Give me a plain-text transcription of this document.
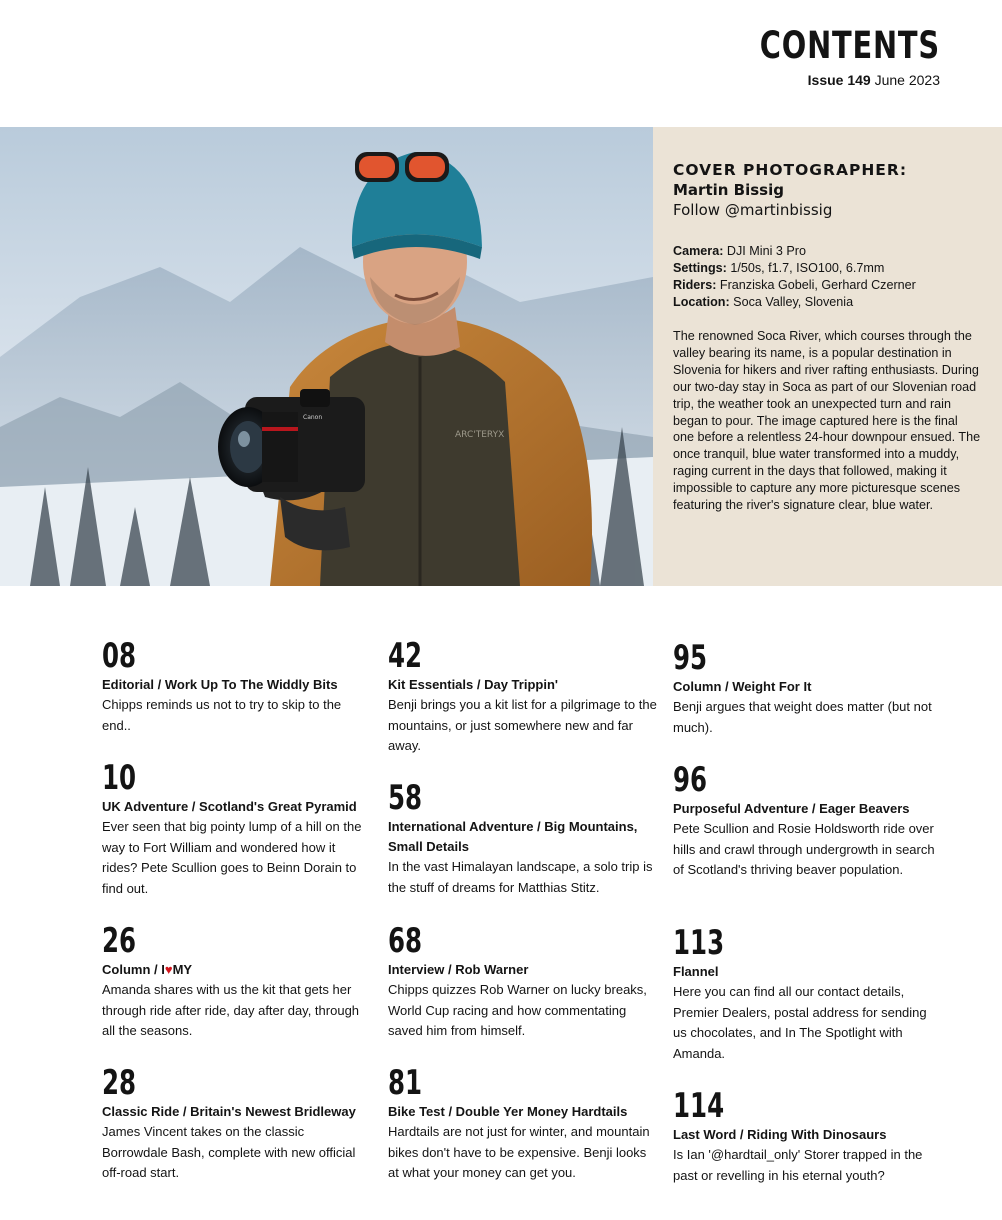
CONTENTS
Issue 149 June 2023
ARC'TERYX
Canon
COVER PHOTOGRAPHER:
Martin Bissig
Follow @martinbissig
Camera: DJI Mini 3 Pro
Settings: 1/50s, f1.7, ISO100, 6.7mm
Riders: Franziska Gobeli, Gerhard Czerner
Location: Soca Valley, Slovenia
The renowned Soca River, which courses through the valley bearing its name, is a popular destination in Slovenia for hikers and river rafting enthusiasts. During our two-day stay in Soca as part of our Slovenian road trip, the weather took an unexpected turn and rain began to pour. The image captured here is the final one before a relentless 24-hour downpour ensued. The once tranquil, blue water transformed into a muddy, raging current in the days that followed, making it impossible to capture any more picturesque scenes featuring the river's signature clear, blue water.
08
Editorial / Work Up To The Widdly Bits
Chipps reminds us not to try to skip to the end..
10
UK Adventure / Scotland's Great Pyramid
Ever seen that big pointy lump of a hill on the way to Fort William and wondered how it rides? Pete Scullion goes to Beinn Dorain to find out.
26
Column / I♥MY
Amanda shares with us the kit that gets her through ride after ride, day after day, through all the seasons.
28
Classic Ride / Britain's Newest Bridleway
James Vincent takes on the classic Borrowdale Bash, complete with new official off-road start.
42
Kit Essentials / Day Trippin'
Benji brings you a kit list for a pilgrimage to the mountains, or just somewhere new and far away.
58
International Adventure / Big Mountains, Small Details
In the vast Himalayan landscape, a solo trip is the stuff of dreams for Matthias Stitz.
68
Interview / Rob Warner
Chipps quizzes Rob Warner on lucky breaks, World Cup racing and how commentating saved him from himself.
81
Bike Test / Double Yer Money Hardtails
Hardtails are not just for winter, and mountain bikes don't have to be expensive. Benji looks at what your money can get you.
95
Column / Weight For It
Benji argues that weight does matter (but not much).
96
Purposeful Adventure / Eager Beavers
Pete Scullion and Rosie Holdsworth ride over hills and crawl through undergrowth in search of Scotland's thriving beaver population.
113
Flannel
Here you can find all our contact details, Premier Dealers, postal address for sending us chocolates, and In The Spotlight with Amanda.
114
Last Word / Riding With Dinosaurs
Is Ian '@hardtail_only' Storer trapped in the past or revelling in his eternal youth?
